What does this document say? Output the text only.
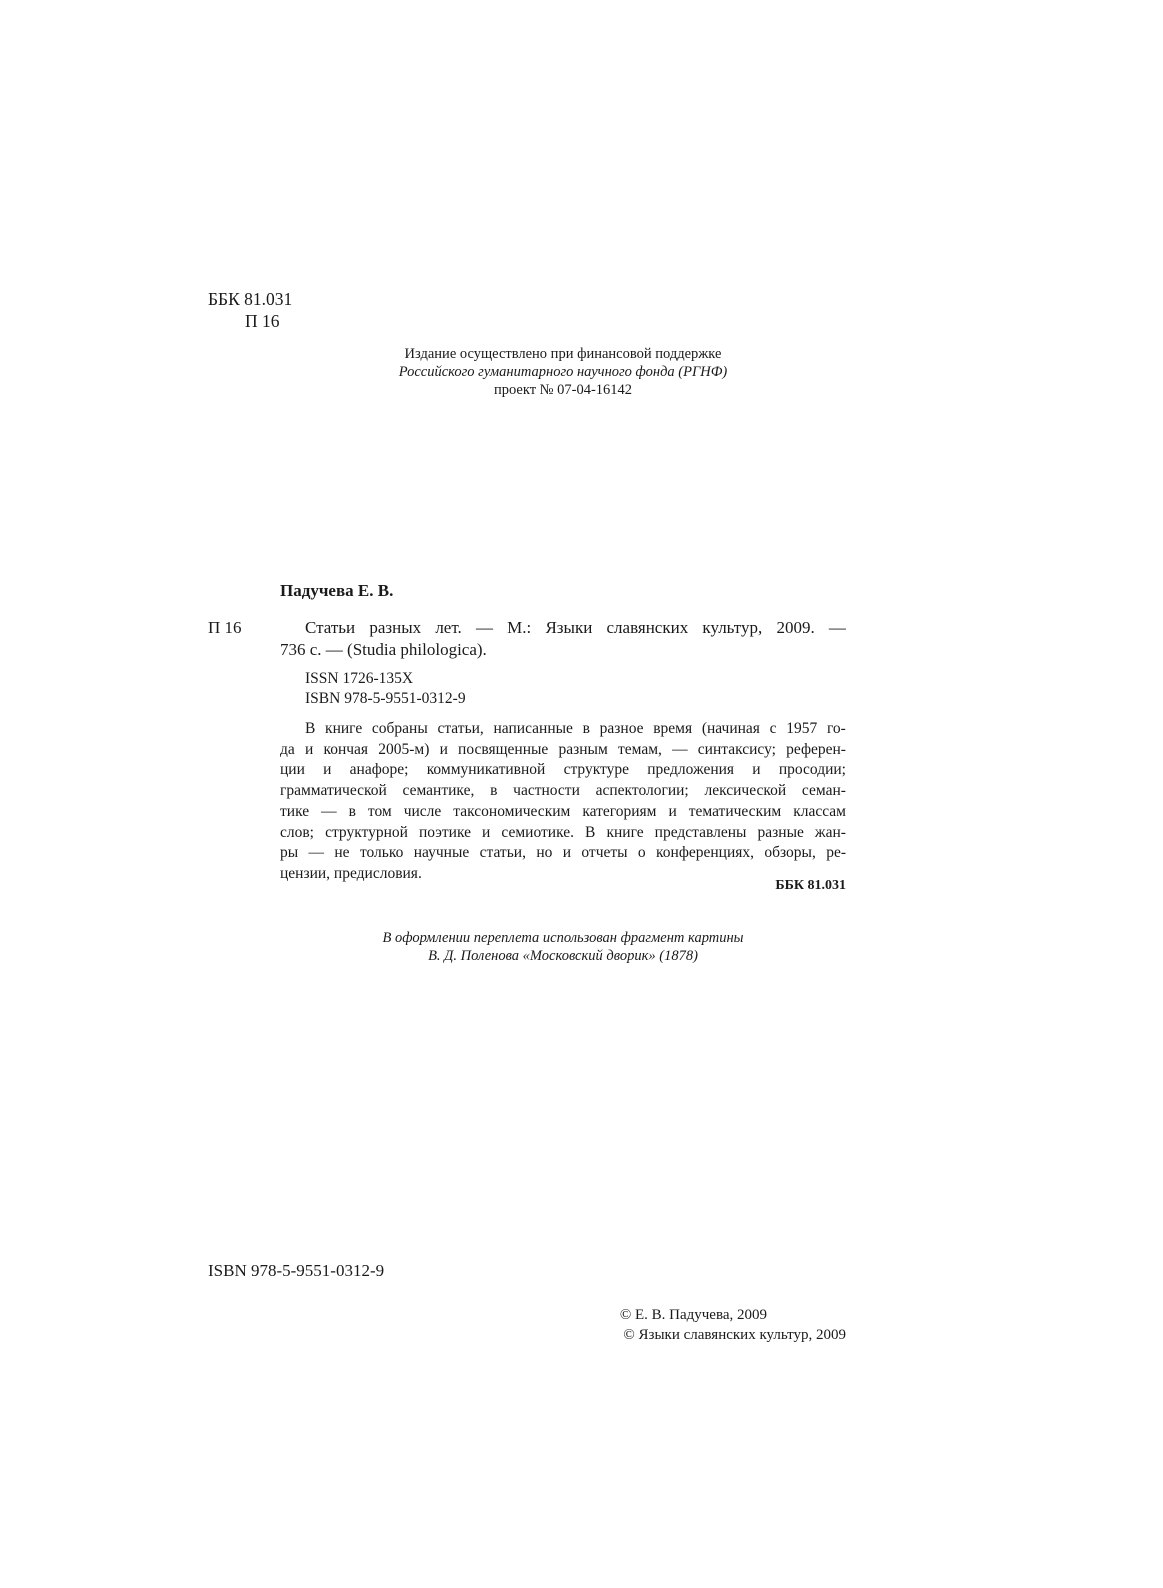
ББК 81.031
П 16
Издание осуществлено при финансовой поддержке
Российского гуманитарного научного фонда (РГНФ)
проект № 07-04-16142
Падучева Е. В.
П 16	Статьи разных лет. — М.: Языки славянских культур, 2009. —
736 с. — (Studia philologica).
ISSN 1726-135X
ISBN 978-5-9551-0312-9
В книге собраны статьи, написанные в разное время (начиная с 1957 го-
да и кончая 2005-м) и посвященные разным темам, — синтаксису; референ-
ции и анафоре; коммуникативной структуре предложения и просодии;
грамматической семантике, в частности аспектологии; лексической семан-
тике — в том числе таксономическим категориям и тематическим классам
слов; структурной поэтике и семиотике. В книге представлены разные жан-
ры — не только научные статьи, но и отчеты о конференциях, обзоры, ре-
цензии, предисловия.
ББК 81.031
В оформлении переплета использован фрагмент картины
В. Д. Поленова «Московский дворик» (1878)
ISBN 978-5-9551-0312-9
© Е. В. Падучева, 2009
© Языки славянских культур, 2009
